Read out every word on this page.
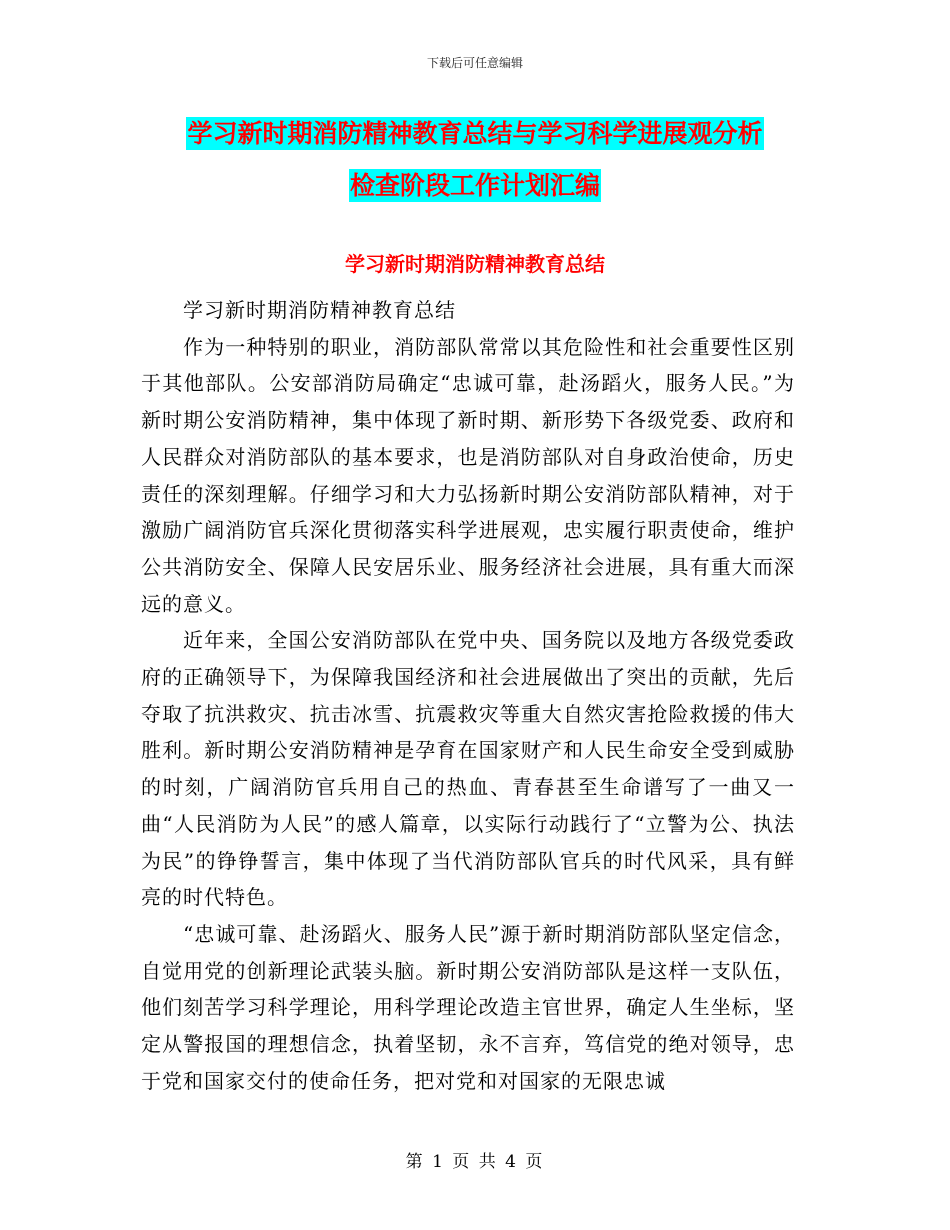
下载后可任意编辑
学习新时期消防精神教育总结与学习科学进展观分析
检查阶段工作计划汇编
学习新时期消防精神教育总结

学习新时期消防精神教育总结

作为一种特别的职业，消防部队常常以其危险性和社会重要性区别于其他部队。公安部消防局确定“忠诚可靠，赴汤蹈火，服务人民。”为新时期公安消防精神，集中体现了新时期、新形势下各级党委、政府和人民群众对消防部队的基本要求，也是消防部队对自身政治使命，历史责任的深刻理解。仔细学习和大力弘扬新时期公安消防部队精神，对于激励广阔消防官兵深化贯彻落实科学进展观，忠实履行职责使命，维护公共消防安全、保障人民安居乐业、服务经济社会进展，具有重大而深远的意义。

近年来，全国公安消防部队在党中央、国务院以及地方各级党委政府的正确领导下，为保障我国经济和社会进展做出了突出的贡献，先后夺取了抗洪救灾、抗击冰雪、抗震救灾等重大自然灾害抢险救援的伟大胜利。新时期公安消防精神是孕育在国家财产和人民生命安全受到威胁的时刻，广阔消防官兵用自己的热血、青春甚至生命谱写了一曲又一曲“人民消防为人民”的感人篇章，以实际行动践行了“立警为公、执法为民”的铮铮誓言，集中体现了当代消防部队官兵的时代风采，具有鲜亮的时代特色。

“忠诚可靠、赴汤蹈火、服务人民”源于新时期消防部队坚定信念，自觉用党的创新理论武装头脑。新时期公安消防部队是这样一支队伍，他们刻苦学习科学理论，用科学理论改造主官世界，确定人生坐标，坚定从警报国的理想信念，执着坚韧，永不言弃，笃信党的绝对领导，忠于党和国家交付的使命任务，把对党和对国家的无限忠诚

第 1 页 共 4 页
